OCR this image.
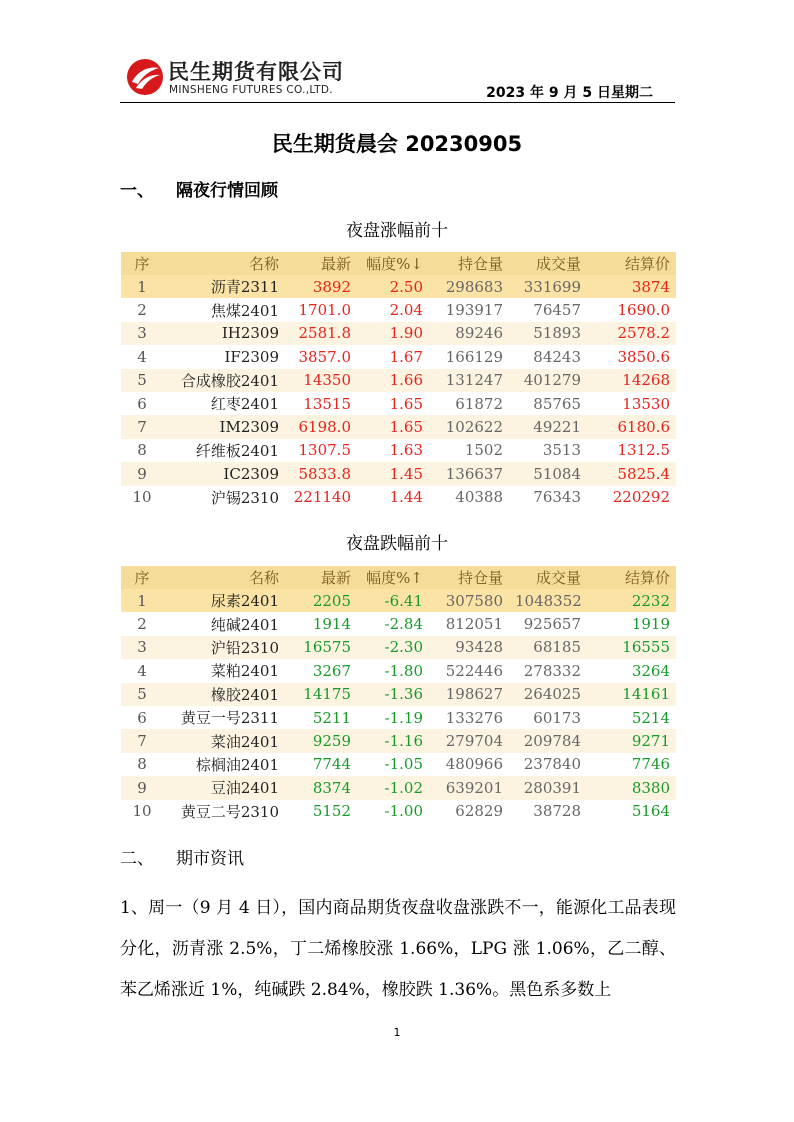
民生期货有限公司
MINSHENG FUTURES CO.,LTD.	2023 年 9 月 5 日星期二
民生期货晨会 20230905
一、 隔夜行情回顾
夜盘涨幅前十
序	名称	最新	幅度%↓	持仓量	成交量	结算价
1	沥青2311	3892	2.50	298683	331699	3874
2	焦煤2401	1701.0	2.04	193917	76457	1690.0
3	IH2309	2581.8	1.90	89246	51893	2578.2
4	IF2309	3857.0	1.67	166129	84243	3850.6
5	合成橡胶2401	14350	1.66	131247	401279	14268
6	红枣2401	13515	1.65	61872	85765	13530
7	IM2309	6198.0	1.65	102622	49221	6180.6
8	纤维板2401	1307.5	1.63	1502	3513	1312.5
9	IC2309	5833.8	1.45	136637	51084	5825.4
10	沪锡2310	221140	1.44	40388	76343	220292
夜盘跌幅前十
序	名称	最新	幅度%↑	持仓量	成交量	结算价
1	尿素2401	2205	-6.41	307580	1048352	2232
2	纯碱2401	1914	-2.84	812051	925657	1919
3	沪铅2310	16575	-2.30	93428	68185	16555
4	菜粕2401	3267	-1.80	522446	278332	3264
5	橡胶2401	14175	-1.36	198627	264025	14161
6	黄豆一号2311	5211	-1.19	133276	60173	5214
7	菜油2401	9259	-1.16	279704	209784	9271
8	棕榈油2401	7744	-1.05	480966	237840	7746
9	豆油2401	8374	-1.02	639201	280391	8380
10	黄豆二号2310	5152	-1.00	62829	38728	5164
二、 期市资讯
1、周一（9 月 4 日），国内商品期货夜盘收盘涨跌不一，能源化工品表现分化，沥青涨 2.5%，丁二烯橡胶涨 1.66%，LPG 涨 1.06%，乙二醇、苯乙烯涨近 1%，纯碱跌 2.84%，橡胶跌 1.36%。黑色系多数上
1
